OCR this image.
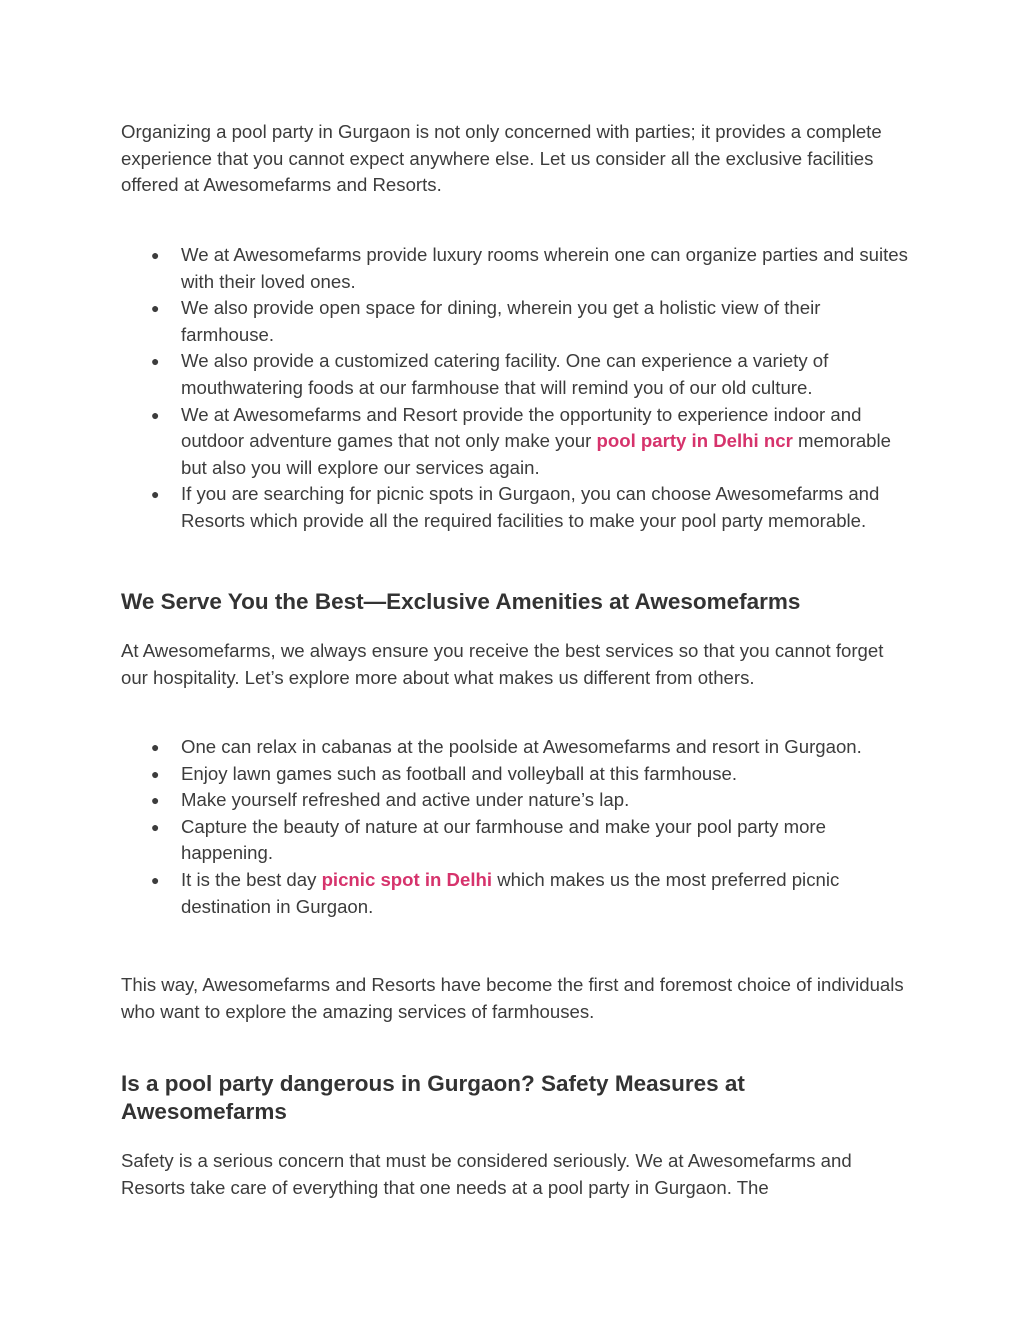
Organizing a pool party in Gurgaon is not only concerned with parties; it provides a complete experience that you cannot expect anywhere else. Let us consider all the exclusive facilities offered at Awesomefarms and Resorts.

● We at Awesomefarms provide luxury rooms wherein one can organize parties and suites with their loved ones.
● We also provide open space for dining, wherein you get a holistic view of their farmhouse.
● We also provide a customized catering facility. One can experience a variety of mouthwatering foods at our farmhouse that will remind you of our old culture.
● We at Awesomefarms and Resort provide the opportunity to experience indoor and outdoor adventure games that not only make your pool party in Delhi ncr memorable but also you will explore our services again.
● If you are searching for picnic spots in Gurgaon, you can choose Awesomefarms and Resorts which provide all the required facilities to make your pool party memorable.
We Serve You the Best—Exclusive Amenities at Awesomefarms

At Awesomefarms, we always ensure you receive the best services so that you cannot forget our hospitality. Let’s explore more about what makes us different from others.

● One can relax in cabanas at the poolside at Awesomefarms and resort in Gurgaon.
● Enjoy lawn games such as football and volleyball at this farmhouse.
● Make yourself refreshed and active under nature’s lap.
● Capture the beauty of nature at our farmhouse and make your pool party more happening.
● It is the best day picnic spot in Delhi which makes us the most preferred picnic destination in Gurgaon.

This way, Awesomefarms and Resorts have become the first and foremost choice of individuals who want to explore the amazing services of farmhouses.

Is a pool party dangerous in Gurgaon? Safety Measures at Awesomefarms

Safety is a serious concern that must be considered seriously. We at Awesomefarms and Resorts take care of everything that one needs at a pool party in Gurgaon. The
